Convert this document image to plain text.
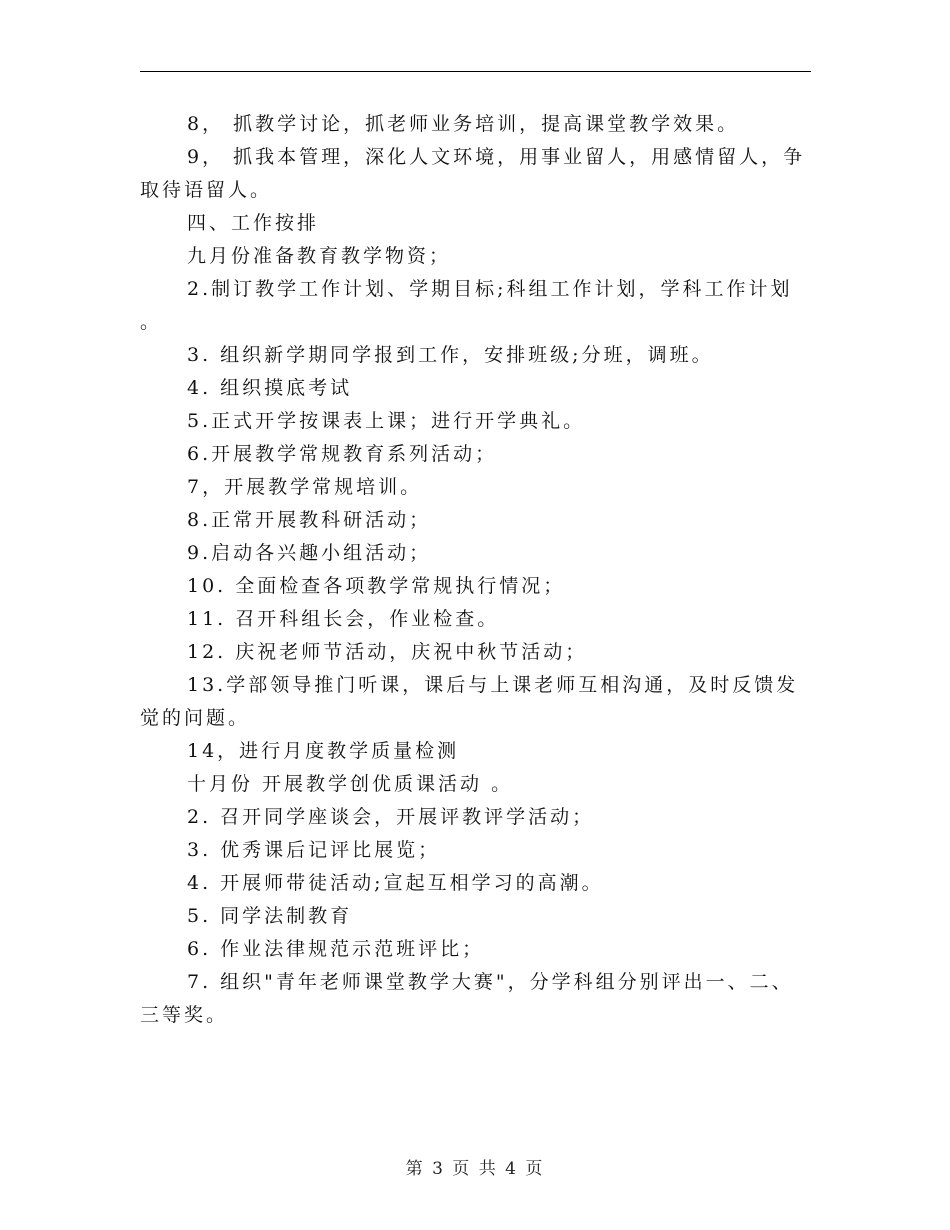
8， 抓教学讨论，抓老师业务培训，提高课堂教学效果。

9， 抓我本管理，深化人文环境，用事业留人，用感情留人，争取待语留人。

四、工作按排

九月份准备教育教学物资；

2.制订教学工作计划、学期目标;科组工作计划，学科工作计划 。

3. 组织新学期同学报到工作，安排班级;分班，调班。

4. 组织摸底考试

5.正式开学按课表上课；进行开学典礼。

6.开展教学常规教育系列活动；

7，开展教学常规培训。

8.正常开展教科研活动；

9.启动各兴趣小组活动；

10. 全面检查各项教学常规执行情况；

11. 召开科组长会，作业检查。

12. 庆祝老师节活动，庆祝中秋节活动；

13.学部领导推门听课，课后与上课老师互相沟通，及时反馈发觉的问题。

14，进行月度教学质量检测

十月份 开展教学创优质课活动 。

2. 召开同学座谈会，开展评教评学活动；

3. 优秀课后记评比展览；

4. 开展师带徒活动;宣起互相学习的高潮。

5. 同学法制教育

6. 作业法律规范示范班评比；

7. 组织"青年老师课堂教学大赛"，分学科组分别评出一、二、三等奖。

第 3 页 共 4 页
